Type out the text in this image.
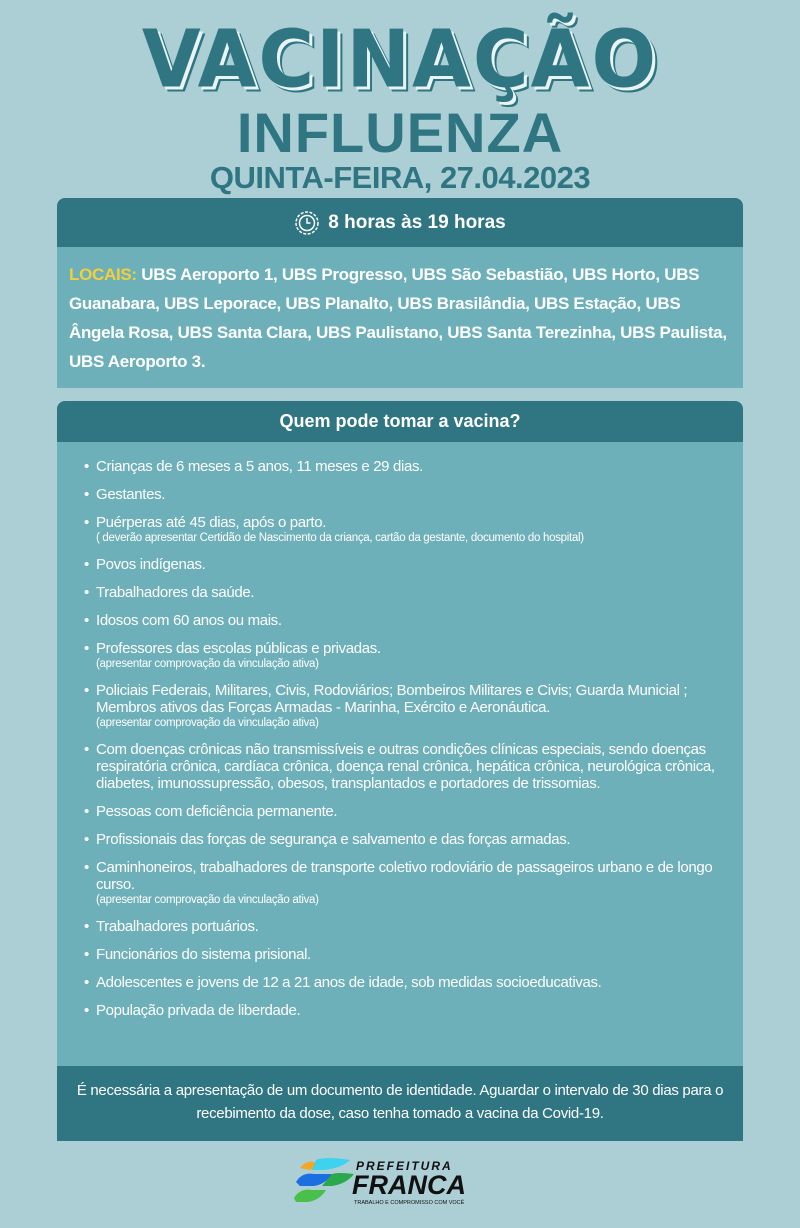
VACINAÇÃO
INFLUENZA
QUINTA-FEIRA, 27.04.2023
8 horas às 19 horas
LOCAIS: UBS Aeroporto 1, UBS Progresso, UBS São Sebastião, UBS Horto, UBS Guanabara, UBS Leporace, UBS Planalto, UBS Brasilândia, UBS Estação, UBS Ângela Rosa, UBS Santa Clara, UBS Paulistano, UBS Santa Terezinha, UBS Paulista, UBS Aeroporto 3.
Quem pode tomar a vacina?
• Crianças de 6 meses a 5 anos, 11 meses e 29 dias.
• Gestantes.
• Puérperas até 45 dias, após o parto.
( deverão apresentar Certidão de Nascimento da criança, cartão da gestante, documento do hospital)
• Povos indígenas.
• Trabalhadores da saúde.
• Idosos com 60 anos ou mais.
• Professores das escolas públicas e privadas.
(apresentar comprovação da vinculação ativa)
• Policiais Federais, Militares, Civis, Rodoviários; Bombeiros Militares e Civis; Guarda Municial ; Membros ativos das Forças Armadas - Marinha, Exército e Aeronáutica.
(apresentar comprovação da vinculação ativa)
• Com doenças crônicas não transmissíveis e outras condições clínicas especiais, sendo doenças respiratória crônica, cardíaca crônica, doença renal crônica, hepática crônica, neurológica crônica, diabetes, imunossupressão, obesos, transplantados e portadores de trissomias.
• Pessoas com deficiência permanente.
• Profissionais das forças de segurança e salvamento e das forças armadas.
• Caminhoneiros, trabalhadores de transporte coletivo rodoviário de passageiros urbano e de longo curso.
(apresentar comprovação da vinculação ativa)
• Trabalhadores portuários.
• Funcionários do sistema prisional.
• Adolescentes e jovens de 12 a 21 anos de idade, sob medidas socioeducativas.
• População privada de liberdade.
É necessária a apresentação de um documento de identidade. Aguardar o intervalo de 30 dias para o recebimento da dose, caso tenha tomado a vacina da Covid-19.
PREFEITURA
FRANCA
TRABALHO E COMPROMISSO COM VOCÊ
